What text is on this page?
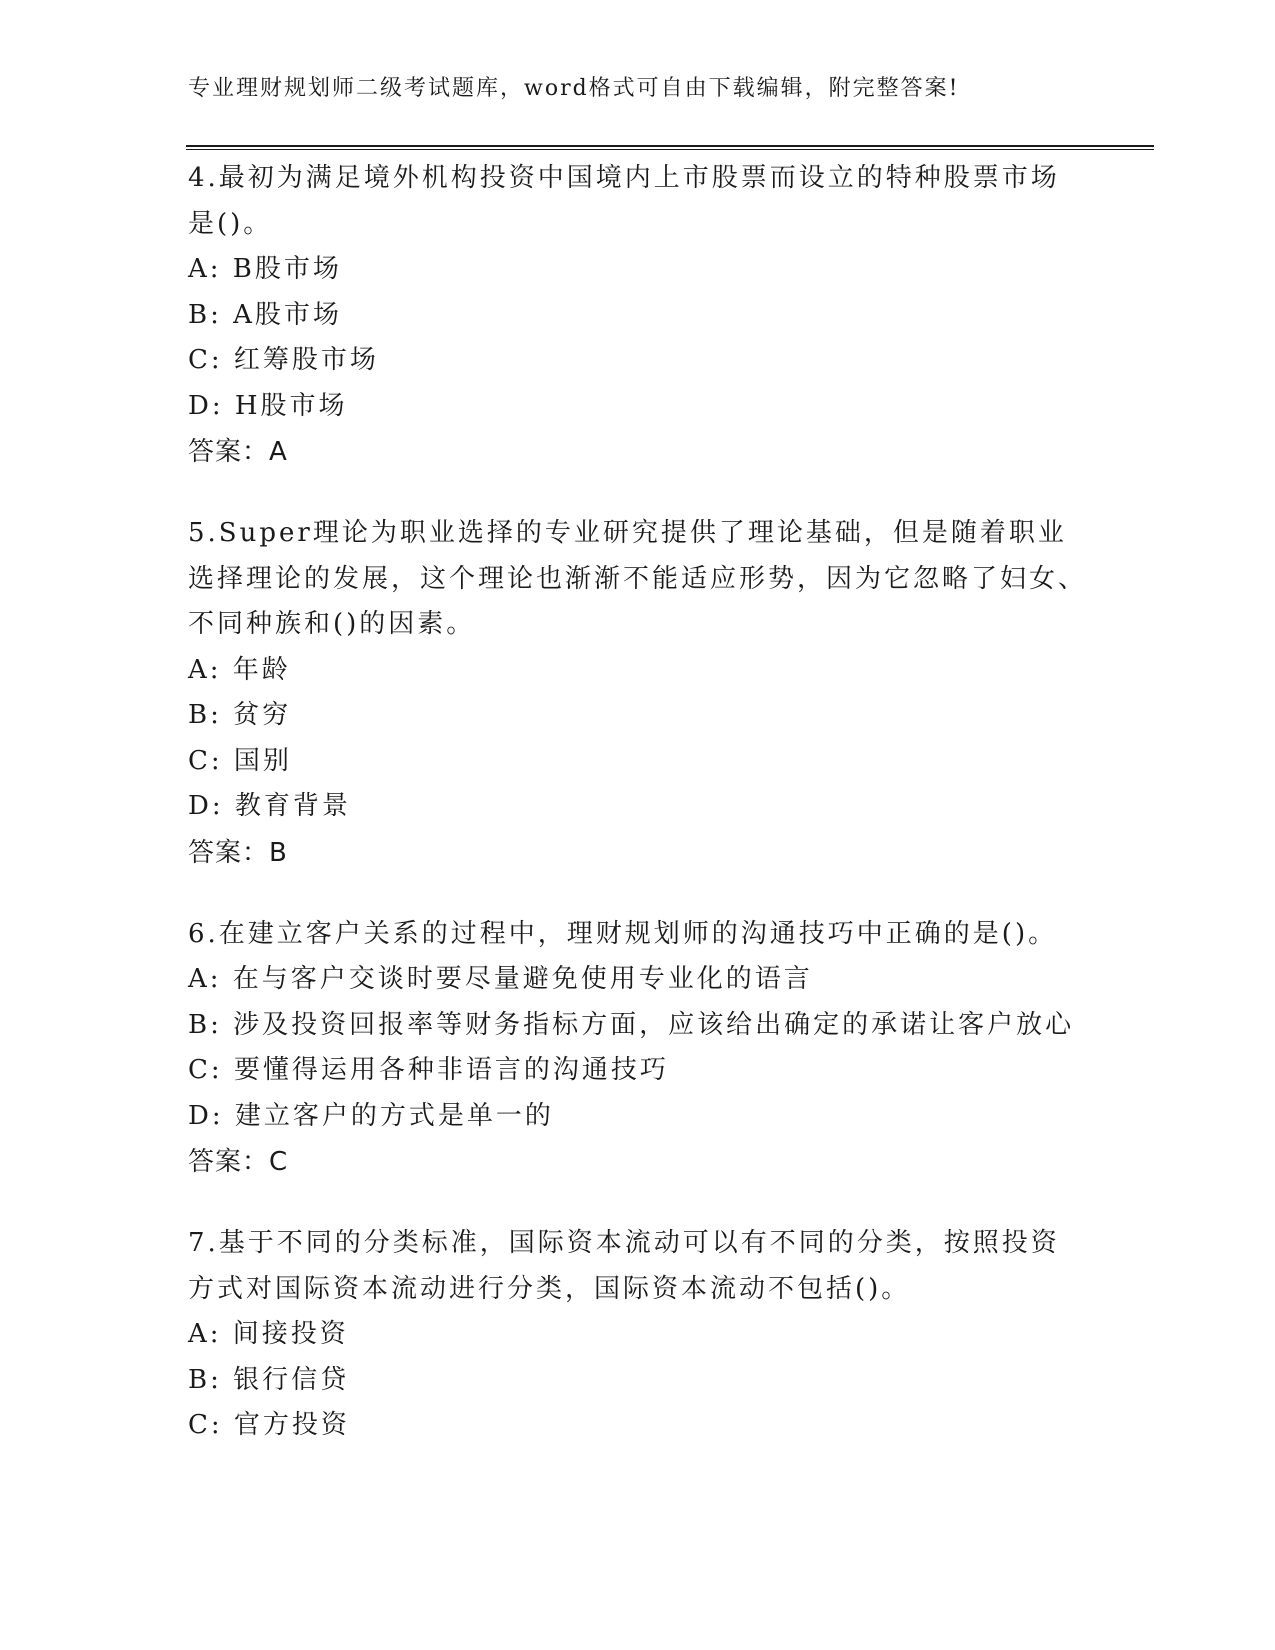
专业理财规划师二级考试题库，word格式可自由下载编辑，附完整答案!

4.最初为满足境外机构投资中国境内上市股票而设立的特种股票市场是()。

A: B股市场

B: A股市场

C: 红筹股市场

D: H股市场

答案：A

5.Super理论为职业选择的专业研究提供了理论基础，但是随着职业选择理论的发展，这个理论也渐渐不能适应形势，因为它忽略了妇女、不同种族和()的因素。

A: 年龄

B: 贫穷

C: 国别

D: 教育背景

答案：B

6.在建立客户关系的过程中，理财规划师的沟通技巧中正确的是()。

A: 在与客户交谈时要尽量避免使用专业化的语言

B: 涉及投资回报率等财务指标方面，应该给出确定的承诺让客户放心

C: 要懂得运用各种非语言的沟通技巧

D: 建立客户的方式是单一的

答案：C

7.基于不同的分类标准，国际资本流动可以有不同的分类，按照投资方式对国际资本流动进行分类，国际资本流动不包括()。

A: 间接投资

B: 银行信贷

C: 官方投资
